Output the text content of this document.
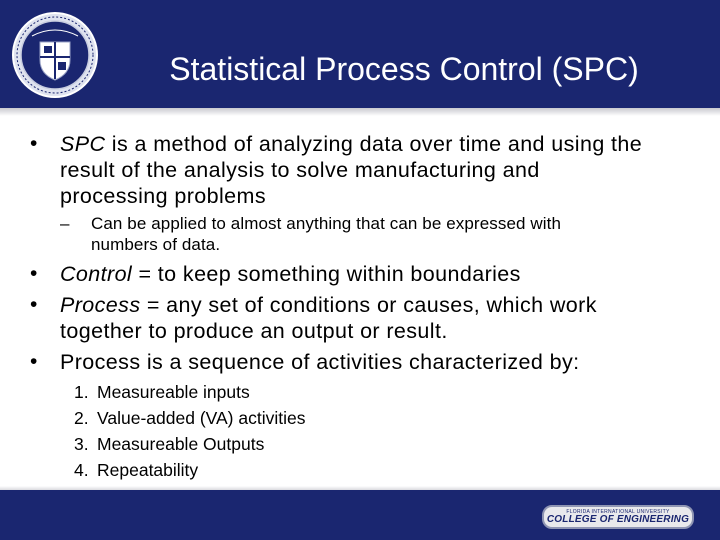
Statistical Process Control (SPC)
• SPC is a method of analyzing data over time and using the
result of the analysis to solve manufacturing and
processing problems
– Can be applied to almost anything that can be expressed with
numbers of data.
• Control = to keep something within boundaries
• Process = any set of conditions or causes, which work
together to produce an output or result.
• Process is a sequence of activities characterized by:
1. Measureable inputs
2. Value-added (VA) activities
3. Measureable Outputs
4. Repeatability
FLORIDA INTERNATIONAL UNIVERSITY
COLLEGE OF ENGINEERING
